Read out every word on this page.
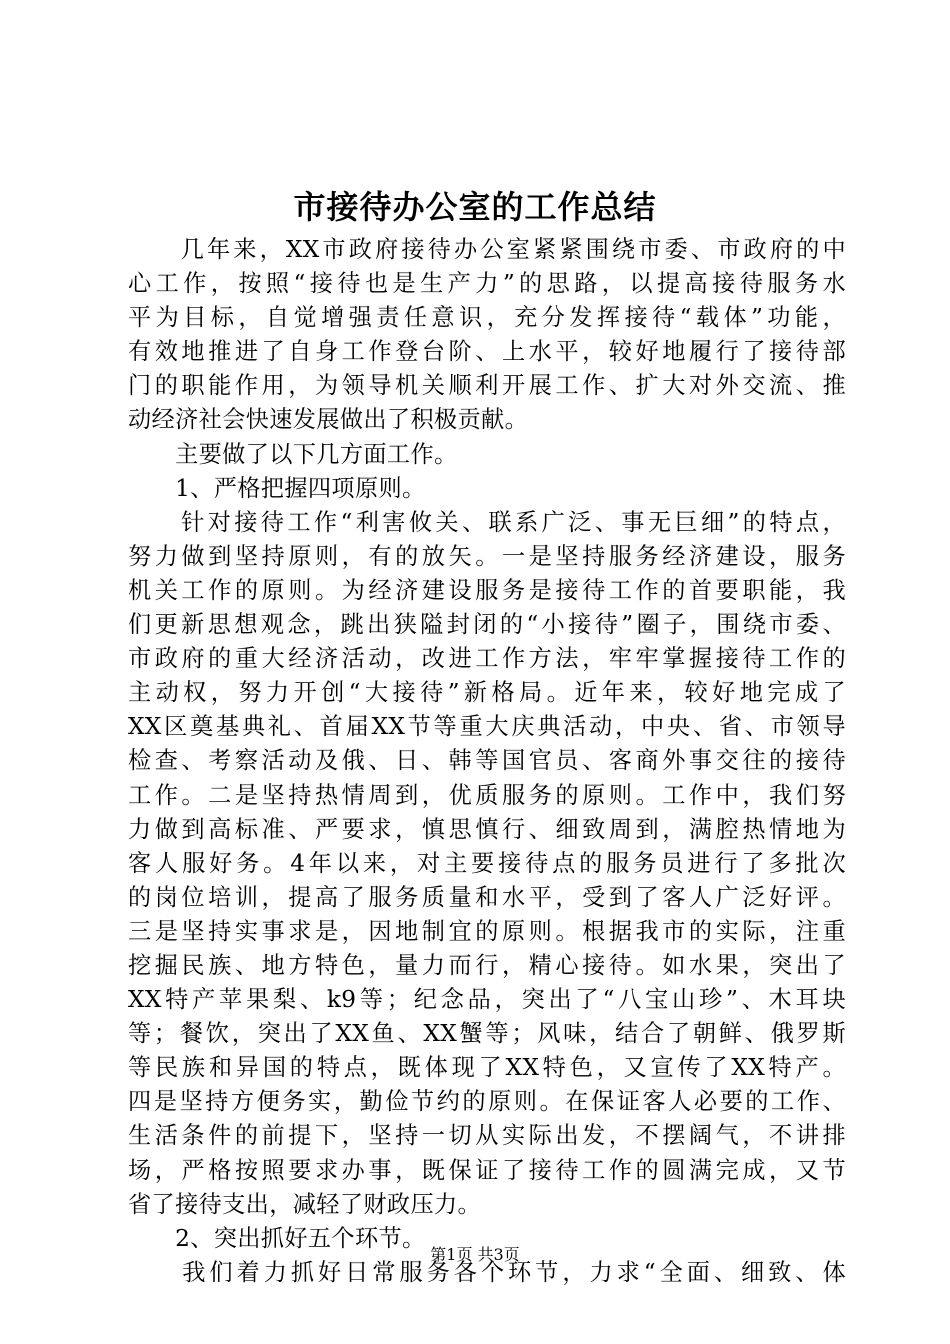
市接待办公室的工作总结
　　几年来，XX市政府接待办公室紧紧围绕市委、市政府的中
心工作，按照“接待也是生产力”的思路，以提高接待服务水
平为目标，自觉增强责任意识，充分发挥接待“载体”功能，
有效地推进了自身工作登台阶、上水平，较好地履行了接待部
门的职能作用，为领导机关顺利开展工作、扩大对外交流、推
动经济社会快速发展做出了积极贡献。
　　主要做了以下几方面工作。
　　1、严格把握四项原则。
　　针对接待工作“利害攸关、联系广泛、事无巨细”的特点，
努力做到坚持原则，有的放矢。一是坚持服务经济建设，服务
机关工作的原则。为经济建设服务是接待工作的首要职能，我
们更新思想观念，跳出狭隘封闭的“小接待”圈子，围绕市委、
市政府的重大经济活动，改进工作方法，牢牢掌握接待工作的
主动权，努力开创“大接待”新格局。近年来，较好地完成了
XX区奠基典礼、首届XX节等重大庆典活动，中央、省、市领导
检查、考察活动及俄、日、韩等国官员、客商外事交往的接待
工作。二是坚持热情周到，优质服务的原则。工作中，我们努
力做到高标准、严要求，慎思慎行、细致周到，满腔热情地为
客人服好务。4年以来，对主要接待点的服务员进行了多批次
的岗位培训，提高了服务质量和水平，受到了客人广泛好评。
三是坚持实事求是，因地制宜的原则。根据我市的实际，注重
挖掘民族、地方特色，量力而行，精心接待。如水果，突出了
XX特产苹果梨、k9等；纪念品，突出了“八宝山珍”、木耳块
等；餐饮，突出了XX鱼、XX蟹等；风味，结合了朝鲜、俄罗斯
等民族和异国的特点，既体现了XX特色，又宣传了XX特产。
四是坚持方便务实，勤俭节约的原则。在保证客人必要的工作、
生活条件的前提下，坚持一切从实际出发，不摆阔气，不讲排
场，严格按照要求办事，既保证了接待工作的圆满完成，又节
省了接待支出，减轻了财政压力。
　　2、突出抓好五个环节。
　　我们着力抓好日常服务各个环节，力求“全面、细致、体
第1页 共3页
